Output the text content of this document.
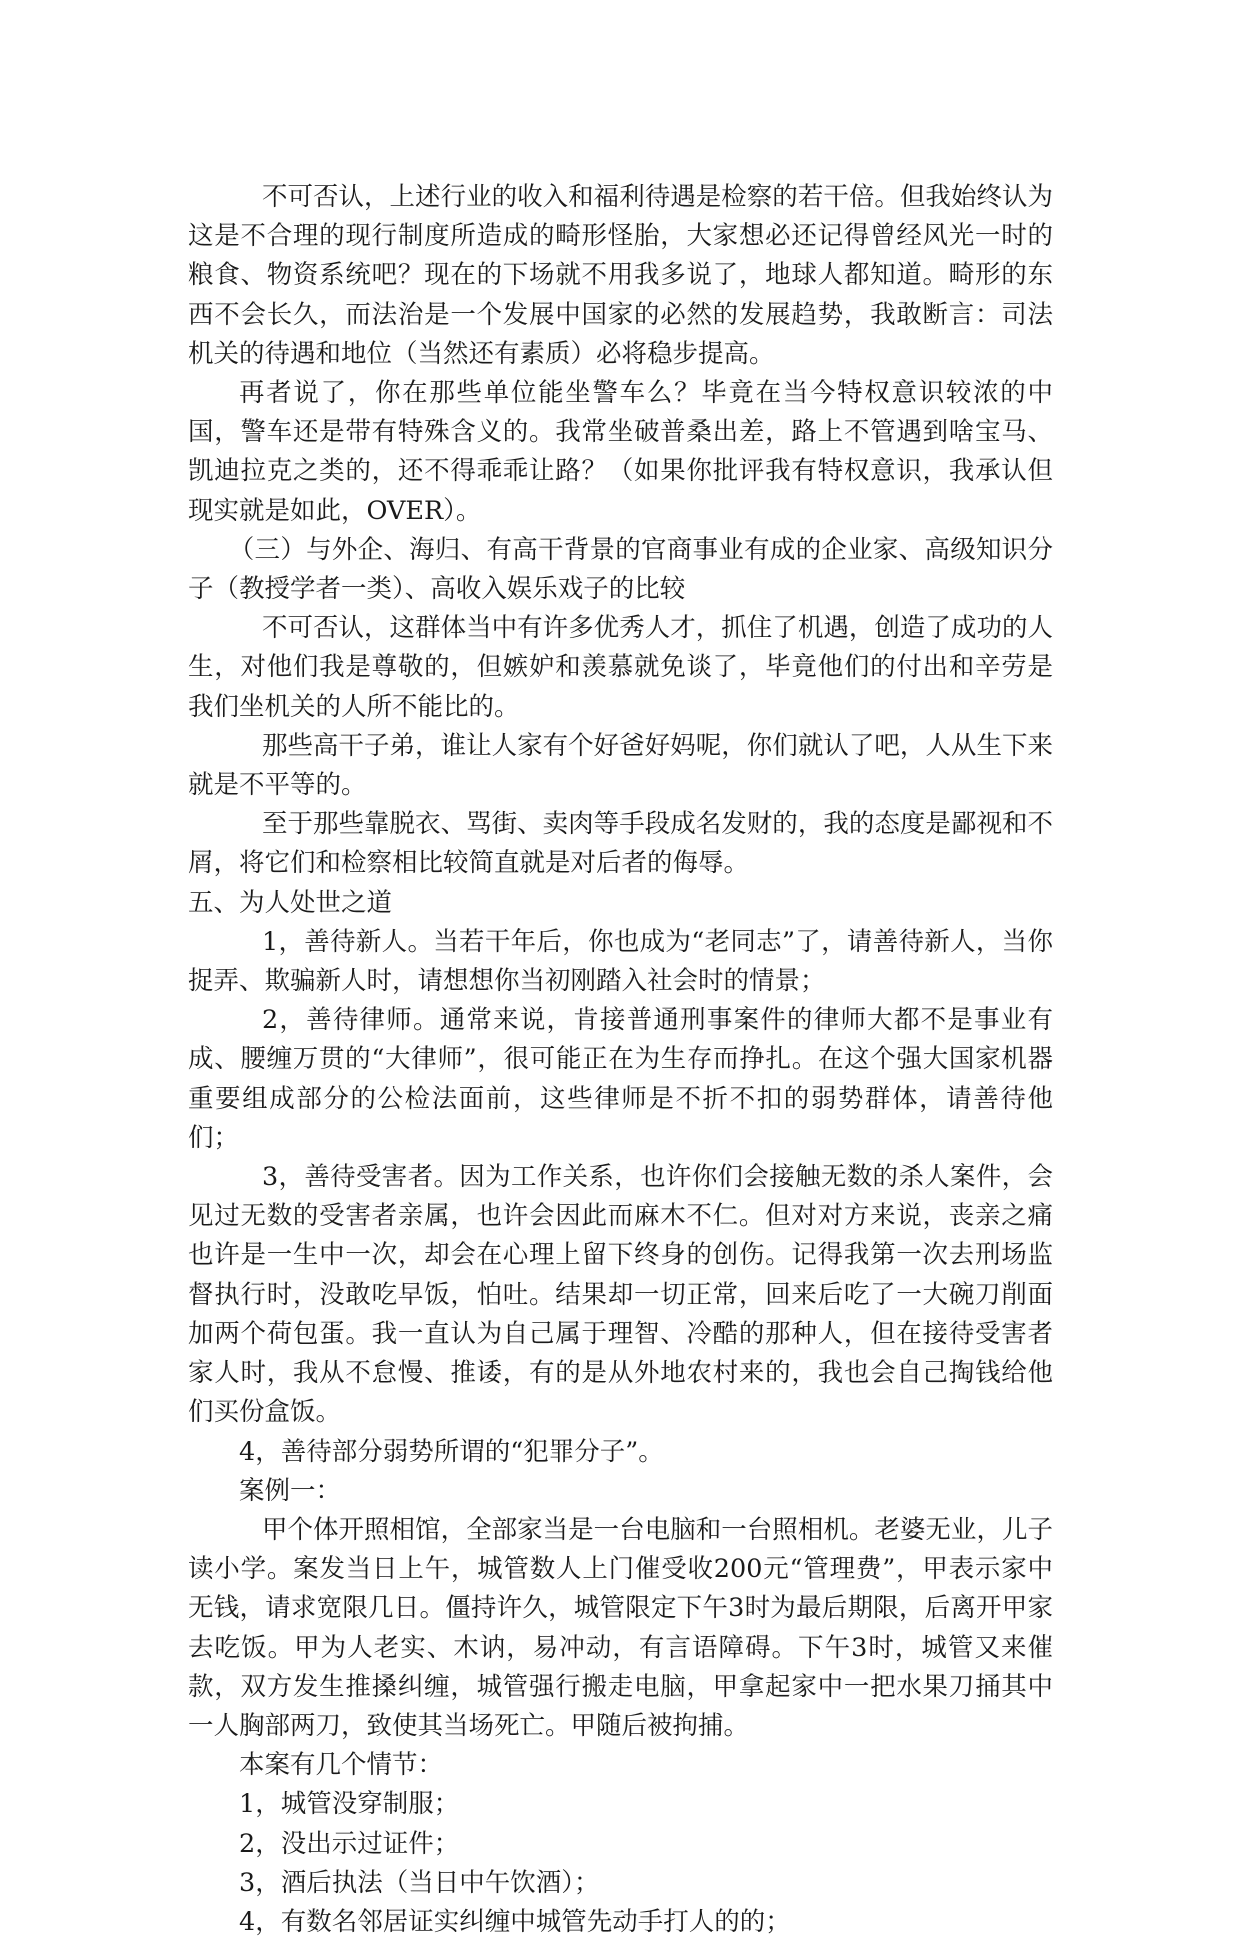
不可否认，上述行业的收入和福利待遇是检察的若干倍。但我始终认为这是不合理的现行制度所造成的畸形怪胎，大家想必还记得曾经风光一时的粮食、物资系统吧？现在的下场就不用我多说了，地球人都知道。畸形的东西不会长久，而法治是一个发展中国家的必然的发展趋势，我敢断言：司法机关的待遇和地位（当然还有素质）必将稳步提高。

再者说了，你在那些单位能坐警车么？毕竟在当今特权意识较浓的中国，警车还是带有特殊含义的。我常坐破普桑出差，路上不管遇到啥宝马、凯迪拉克之类的，还不得乖乖让路？（如果你批评我有特权意识，我承认但现实就是如此，OVER）。

（三）与外企、海归、有高干背景的官商事业有成的企业家、高级知识分子（教授学者一类）、高收入娱乐戏子的比较

不可否认，这群体当中有许多优秀人才，抓住了机遇，创造了成功的人生，对他们我是尊敬的，但嫉妒和羡慕就免谈了，毕竟他们的付出和辛劳是我们坐机关的人所不能比的。

那些高干子弟，谁让人家有个好爸好妈呢，你们就认了吧，人从生下来就是不平等的。

至于那些靠脱衣、骂街、卖肉等手段成名发财的，我的态度是鄙视和不屑，将它们和检察相比较简直就是对后者的侮辱。

五、为人处世之道

1，善待新人。当若干年后，你也成为“老同志”了，请善待新人，当你捉弄、欺骗新人时，请想想你当初刚踏入社会时的情景；

2，善待律师。通常来说，肯接普通刑事案件的律师大都不是事业有成、腰缠万贯的“大律师”，很可能正在为生存而挣扎。在这个强大国家机器重要组成部分的公检法面前，这些律师是不折不扣的弱势群体，请善待他们；

3，善待受害者。因为工作关系，也许你们会接触无数的杀人案件，会见过无数的受害者亲属，也许会因此而麻木不仁。但对对方来说，丧亲之痛也许是一生中一次，却会在心理上留下终身的创伤。记得我第一次去刑场监督执行时，没敢吃早饭，怕吐。结果却一切正常，回来后吃了一大碗刀削面加两个荷包蛋。我一直认为自己属于理智、冷酷的那种人，但在接待受害者家人时，我从不怠慢、推诿，有的是从外地农村来的，我也会自己掏钱给他们买份盒饭。

4，善待部分弱势所谓的“犯罪分子”。

案例一：

甲个体开照相馆，全部家当是一台电脑和一台照相机。老婆无业，儿子读小学。案发当日上午，城管数人上门催受收200元“管理费”，甲表示家中无钱，请求宽限几日。僵持许久，城管限定下午3时为最后期限，后离开甲家去吃饭。甲为人老实、木讷，易冲动，有言语障碍。下午3时，城管又来催款，双方发生推搡纠缠，城管强行搬走电脑，甲拿起家中一把水果刀捅其中一人胸部两刀，致使其当场死亡。甲随后被拘捕。

本案有几个情节：

1，城管没穿制服；

2，没出示过证件；

3，酒后执法（当日中午饮酒）；

4，有数名邻居证实纠缠中城管先动手打人的的；
